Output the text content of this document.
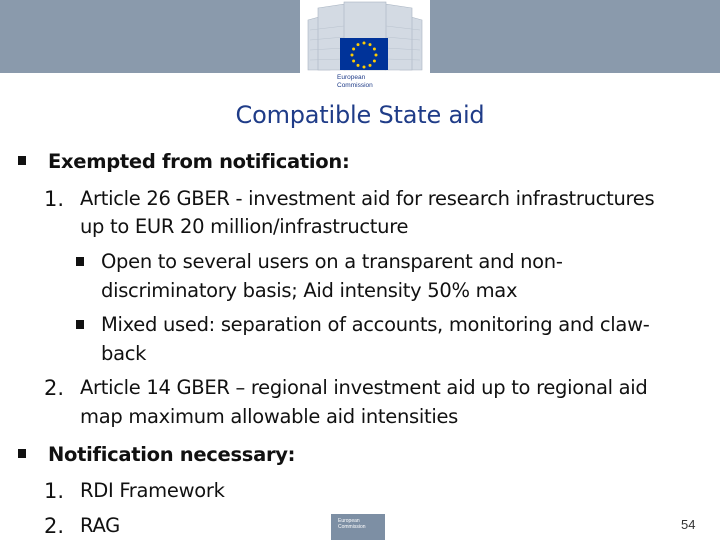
European
Commission
Compatible State aid
Exempted from notification:
1. Article 26 GBER - investment aid for research infrastructures
up to EUR 20 million/infrastructure
Open to several users on a transparent and non-
discriminatory basis; Aid intensity 50% max
Mixed used: separation of accounts, monitoring and claw-
back
2. Article 14 GBER – regional investment aid up to regional aid
map maximum allowable aid intensities
Notification necessary:
1. RDI Framework
2. RAG	European Commission	54
